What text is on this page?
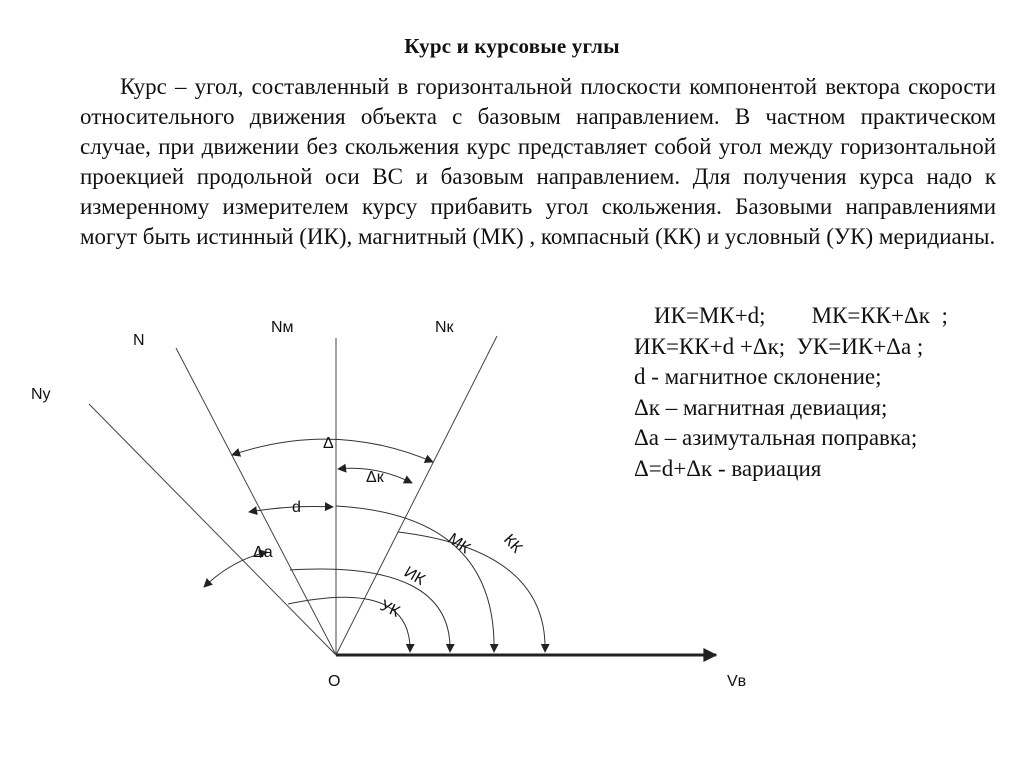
Курс и курсовые углы
Курс – угол, составленный в горизонтальной плоскости компонентой вектора скорости относительного движения объекта с базовым направлением. В частном практическом случае, при движении без скольжения курс представляет собой угол между горизонтальной проекцией продольной оси ВС и базовым направлением. Для получения курса надо к измеренному измерителем курсу прибавить угол скольжения. Базовыми направлениями могут быть истинный (ИК), магнитный (МК) , компасный (КК) и условный (УК) меридианы.
ИК=МК+d;        МК=КК+Δк  ;
ИК=КК+d +Δк;  УК=ИК+Δа ;
d - магнитное склонение;
Δк – магнитная девиация;
Δа – азимутальная поправка;
Δ=d+Δк - вариация
Nу
N
Nм	Nк
O	Vв
Δ
Δк
d
Δа	КК
МК
ИК
УК
